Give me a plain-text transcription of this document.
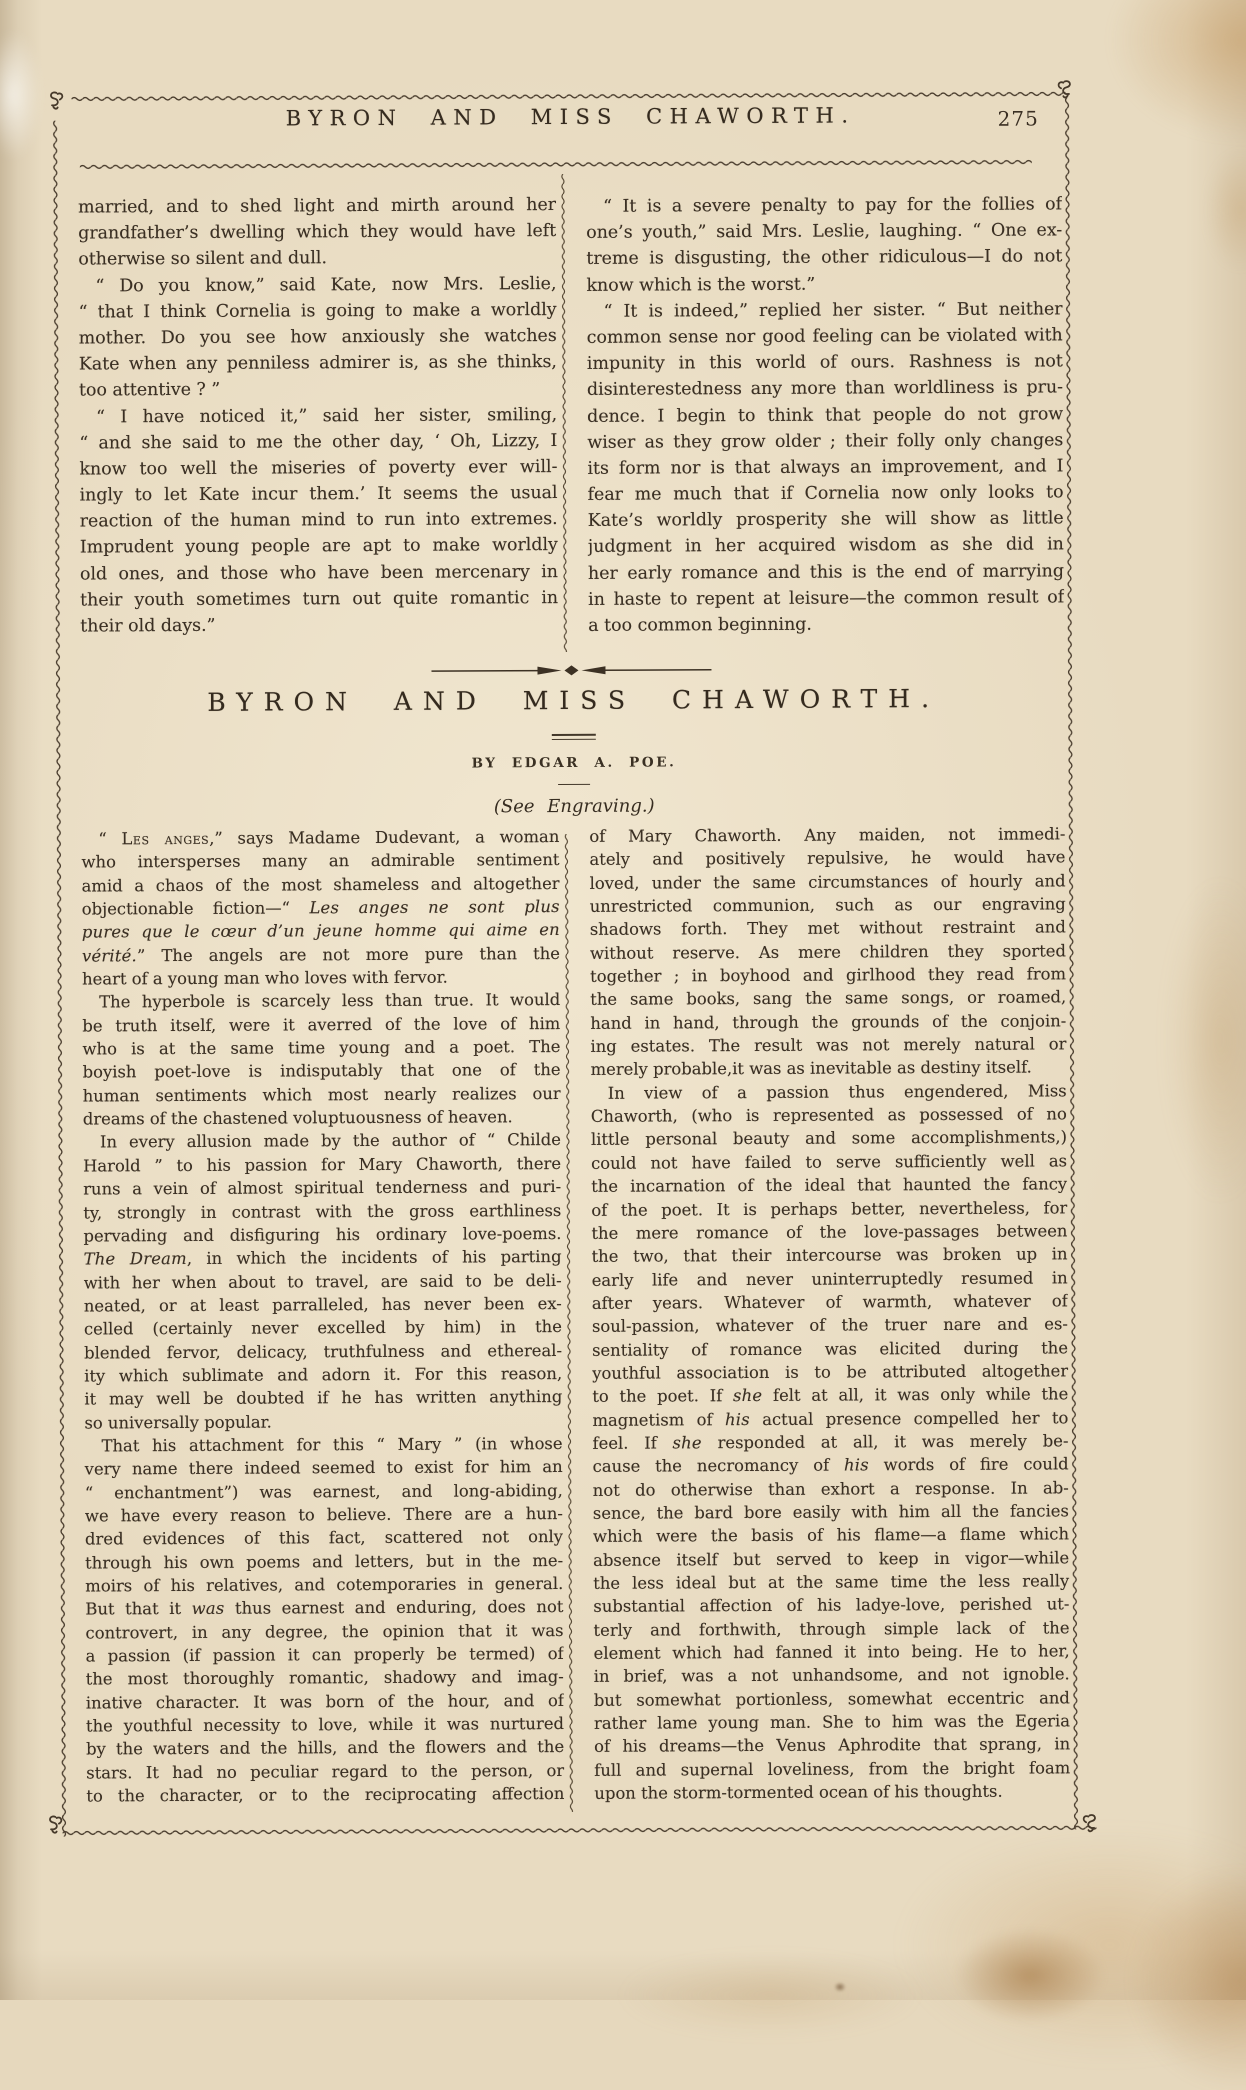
BYRON AND MISS CHAWORTH.	275
married, and to shed light and mirth around her
grandfather’s dwelling which they would have left
otherwise so silent and dull.
“ Do you know,” said Kate, now Mrs. Leslie,
“ that I think Cornelia is going to make a worldly
mother. Do you see how anxiously she watches
Kate when any penniless admirer is, as she thinks,
too attentive ? ”
“ I have noticed it,” said her sister, smiling,
“ and she said to me the other day, ‘ Oh, Lizzy, I
know too well the miseries of poverty ever will-
ingly to let Kate incur them.’ It seems the usual
reaction of the human mind to run into extremes.
Imprudent young people are apt to make worldly
old ones, and those who have been mercenary in
their youth sometimes turn out quite romantic in
their old days.”
“ It is a severe penalty to pay for the follies of
one’s youth,” said Mrs. Leslie, laughing. “ One ex-
treme is disgusting, the other ridiculous—I do not
know which is the worst.”
“ It is indeed,” replied her sister. “ But neither
common sense nor good feeling can be violated with
impunity in this world of ours. Rashness is not
disinterestedness any more than worldliness is pru-
dence. I begin to think that people do not grow
wiser as they grow older ; their folly only changes
its form nor is that always an improvement, and I
fear me much that if Cornelia now only looks to
Kate’s worldly prosperity she will show as little
judgment in her acquired wisdom as she did in
her early romance and this is the end of marrying
in haste to repent at leisure—the common result of
a too common beginning.
BYRON AND MISS CHAWORTH.
BY EDGAR A. POE.
(See Engraving.)
“ Les anges,” says Madame Dudevant, a woman
who intersperses many an admirable sentiment
amid a chaos of the most shameless and altogether
objectionable fiction—“ Les anges ne sont plus
pures que le cœur d’un jeune homme qui aime en
vérité.” The angels are not more pure than the
heart of a young man who loves with fervor.
The hyperbole is scarcely less than true. It would
be truth itself, were it averred of the love of him
who is at the same time young and a poet. The
boyish poet-love is indisputably that one of the
human sentiments which most nearly realizes our
dreams of the chastened voluptuousness of heaven.
In every allusion made by the author of “ Childe
Harold ” to his passion for Mary Chaworth, there
runs a vein of almost spiritual tenderness and puri-
ty, strongly in contrast with the gross earthliness
pervading and disfiguring his ordinary love-poems.
The Dream, in which the incidents of his parting
with her when about to travel, are said to be deli-
neated, or at least parralleled, has never been ex-
celled (certainly never excelled by him) in the
blended fervor, delicacy, truthfulness and ethereal-
ity which sublimate and adorn it. For this reason,
it may well be doubted if he has written anything
so universally popular.
That his attachment for this “ Mary ” (in whose
very name there indeed seemed to exist for him an
“ enchantment”) was earnest, and long-abiding,
we have every reason to believe. There are a hun-
dred evidences of this fact, scattered not only
through his own poems and letters, but in the me-
moirs of his relatives, and cotemporaries in general.
But that it was thus earnest and enduring, does not
controvert, in any degree, the opinion that it was
a passion (if passion it can properly be termed) of
the most thoroughly romantic, shadowy and imag-
inative character. It was born of the hour, and of
the youthful necessity to love, while it was nurtured
by the waters and the hills, and the flowers and the
stars. It had no peculiar regard to the person, or
to the character, or to the reciprocating affection
of Mary Chaworth. Any maiden, not immedi-
ately and positively repulsive, he would have
loved, under the same circumstances of hourly and
unrestricted communion, such as our engraving
shadows forth. They met without restraint and
without reserve. As mere children they sported
together ; in boyhood and girlhood they read from
the same books, sang the same songs, or roamed,
hand in hand, through the grounds of the conjoin-
ing estates. The result was not merely natural or
merely probable,it was as inevitable as destiny itself.
In view of a passion thus engendered, Miss
Chaworth, (who is represented as possessed of no
little personal beauty and some accomplishments,)
could not have failed to serve sufficiently well as
the incarnation of the ideal that haunted the fancy
of the poet. It is perhaps better, nevertheless, for
the mere romance of the love-passages between
the two, that their intercourse was broken up in
early life and never uninterruptedly resumed in
after years. Whatever of warmth, whatever of
soul-passion, whatever of the truer nare and es-
sentiality of romance was elicited during the
youthful association is to be attributed altogether
to the poet. If she felt at all, it was only while the
magnetism of his actual presence compelled her to
feel. If she responded at all, it was merely be-
cause the necromancy of his words of fire could
not do otherwise than exhort a response. In ab-
sence, the bard bore easily with him all the fancies
which were the basis of his flame—a flame which
absence itself but served to keep in vigor—while
the less ideal but at the same time the less really
substantial affection of his ladye-love, perished ut-
terly and forthwith, through simple lack of the
element which had fanned it into being. He to her,
in brief, was a not unhandsome, and not ignoble.
but somewhat portionless, somewhat eccentric and
rather lame young man. She to him was the Egeria
of his dreams—the Venus Aphrodite that sprang, in
full and supernal loveliness, from the bright foam
upon the storm-tormented ocean of his thoughts.
